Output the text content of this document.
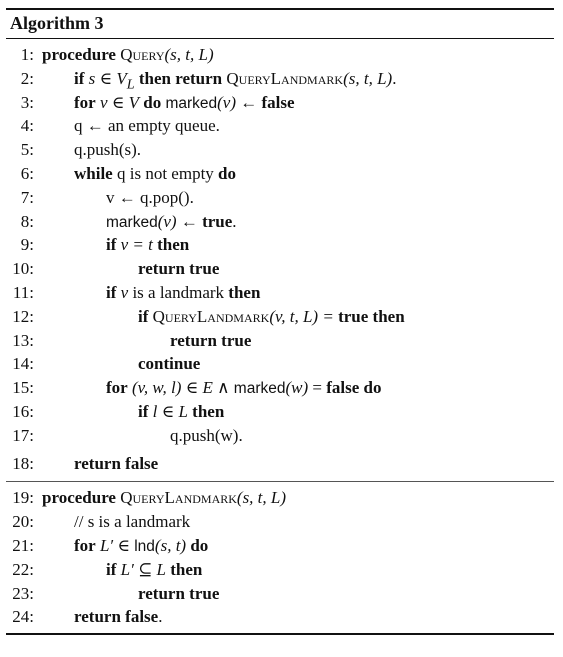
Algorithm 3
1: procedure Query(s, t, L)
2: if s ∈ $V_L$ then return QueryLandmark(s, t, L).
3: for v ∈ V do marked(v) ← false
4: q ← an empty queue.
5: q.push(s).
6: while q is not empty do
7:	v ← q.pop().
8:	marked(v) ← true.
9:	if v = t then
10:	return true
11:	if v is a landmark then
12:	if QueryLandmark(v, t, L) = true then
13:	return true
14:	continue
15:	for (v, w, l) ∈ E ∧ marked(w) = false do
16:	if l ∈ L then
17:	q.push(w).
18: return false
19: procedure QueryLandmark(s, t, L)
20: // s is a landmark
21: for L′ ∈ lnd(s, t) do
22:	if L′ ⊆ L then
23:	return true
24: return false.
